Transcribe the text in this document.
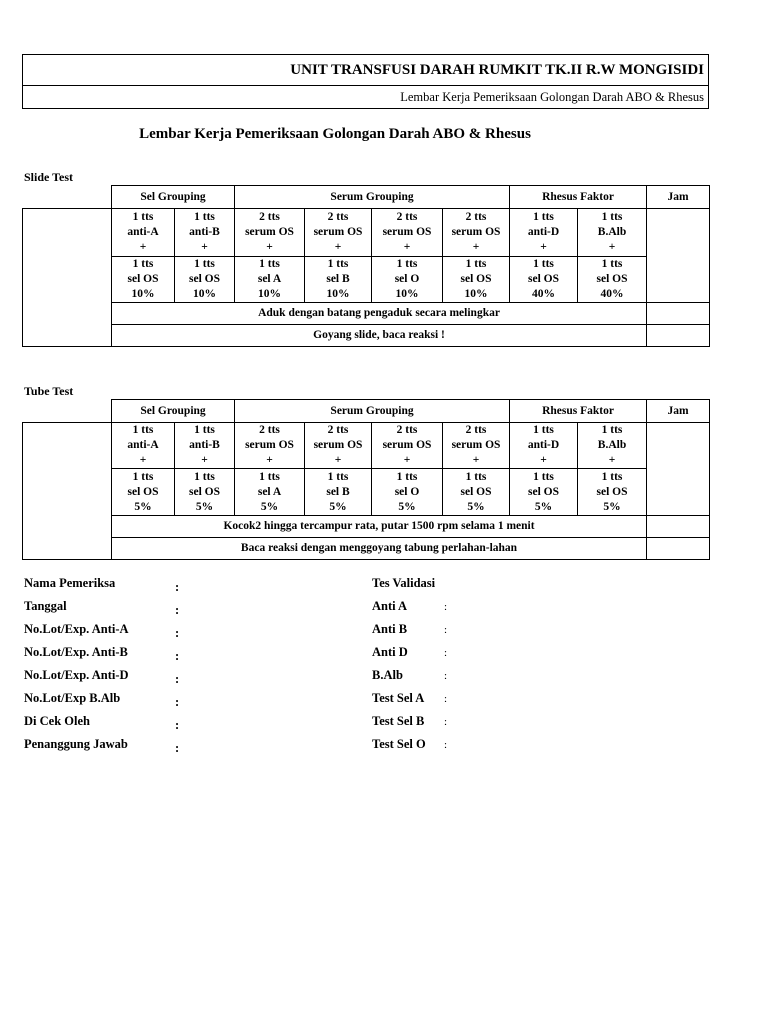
UNIT TRANSFUSI DARAH RUMKIT TK.II R.W MONGISIDI
Lembar Kerja Pemeriksaan Golongan Darah ABO & Rhesus
Lembar Kerja Pemeriksaan Golongan Darah ABO & Rhesus
Slide Test
	Sel Grouping		Serum Grouping				Rhesus Faktor		Jam
	1 tts
anti-A
+	1 tts
anti-B
+	2 tts
serum OS
+	2 tts
serum OS
+	2 tts
serum OS
+	2 tts
serum OS
+	1 tts
anti-D
+	1 tts
B.Alb
+	
	1 tts
sel OS
10%	1 tts
sel OS
10%	1 tts
sel A
10%	1 tts
sel B
10%	1 tts
sel O
10%	1 tts
sel OS
10%	1 tts
sel OS
40%	1 tts
sel OS
40%	
	Aduk dengan batang pengaduk secara melingkar								
	Goyang slide, baca reaksi !								
Tube Test
	Sel Grouping		Serum Grouping				Rhesus Faktor		Jam
	1 tts
anti-A
+	1 tts
anti-B
+	2 tts
serum OS
+	2 tts
serum OS
+	2 tts
serum OS
+	2 tts
serum OS
+	1 tts
anti-D
+	1 tts
B.Alb
+	
	1 tts
sel OS
5%	1 tts
sel OS
5%	1 tts
sel A
5%	1 tts
sel B
5%	1 tts
sel O
5%	1 tts
sel OS
5%	1 tts
sel OS
5%	1 tts
sel OS
5%	
	Kocok2 hingga tercampur rata, putar 1500 rpm selama 1 menit								
	Baca reaksi dengan menggoyang tabung perlahan-lahan								
Nama Pemeriksa	:
Tanggal	:
No.Lot/Exp. Anti-A	:
No.Lot/Exp. Anti-B	:
No.Lot/Exp. Anti-D	:
No.Lot/Exp B.Alb	:
Di Cek Oleh	:
Penanggung Jawab	:
Tes Validasi
Anti A	:
Anti B	:
Anti D	:
B.Alb	:
Test Sel A :
Test Sel B :
Test Sel O :
